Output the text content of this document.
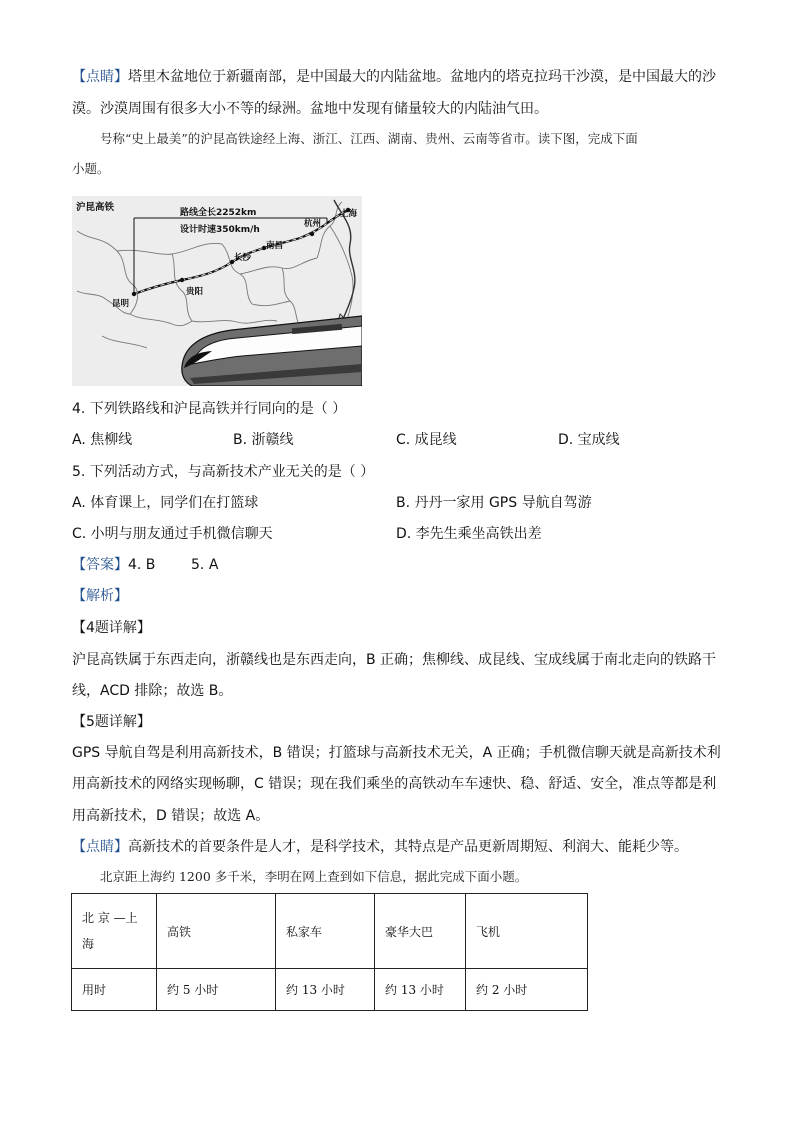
【点睛】塔里木盆地位于新疆南部，是中国最大的内陆盆地。盆地内的塔克拉玛干沙漠，是中国最大的沙
漠。沙漠周围有很多大小不等的绿洲。盆地中发现有储量较大的内陆油气田。
号称“史上最美”的沪昆高铁途经上海、浙江、江西、湖南、贵州、云南等省市。读下图，完成下面
小题。
沪昆高铁	路线全长2252km
设计时速350km/h
上海
杭州
南昌
长沙
贵阳
昆明
4. 下列铁路线和沪昆高铁并行同向的是（ ）
A. 焦柳线	B. 浙赣线	C. 成昆线	D. 宝成线
5. 下列活动方式，与高新技术产业无关的是（ ）
A. 体育课上，同学们在打篮球	B. 丹丹一家用 GPS 导航自驾游
C. 小明与朋友通过手机微信聊天	D. 李先生乘坐高铁出差
【答案】4. B        5. A
【解析】
【4题详解】
沪昆高铁属于东西走向，浙赣线也是东西走向，B 正确；焦柳线、成昆线、宝成线属于南北走向的铁路干
线，ACD 排除；故选 B。
【5题详解】
GPS 导航自驾是利用高新技术，B 错误；打篮球与高新技术无关，A 正确；手机微信聊天就是高新技术利
用高新技术的网络实现畅聊，C 错误；现在我们乘坐的高铁动车车速快、稳、舒适、安全，准点等都是利
用高新技术，D 错误；故选 A。
【点睛】高新技术的首要条件是人才，是科学技术，其特点是产品更新周期短、利润大、能耗少等。
北京距上海约 1200 多千米，李明在网上查到如下信息，据此完成下面小题。
北 京 —上
海	高铁	私家车	豪华大巴	飞机
用时	约 5 小时	约 13 小时	约 13 小时	约 2 小时
